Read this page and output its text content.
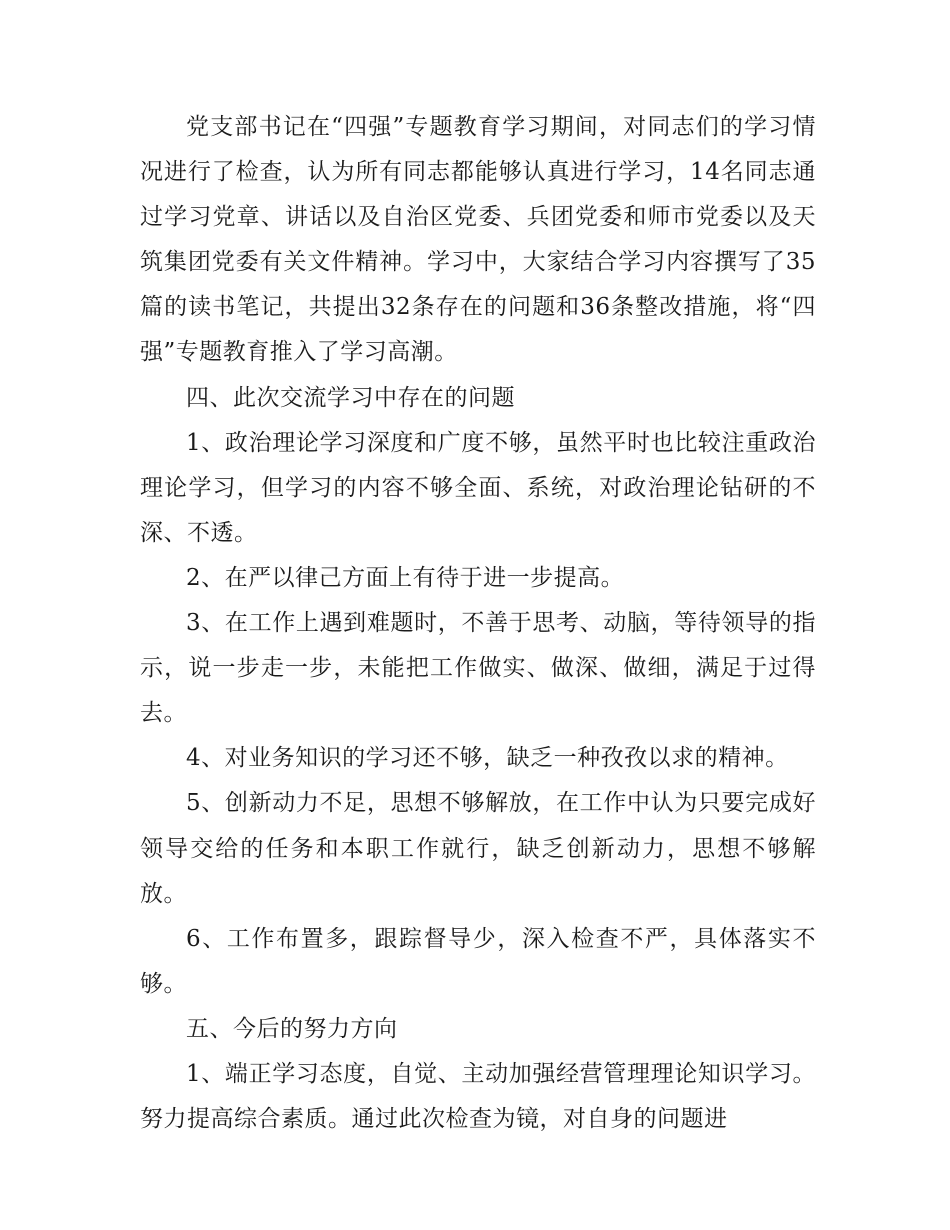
党支部书记在“四强”专题教育学习期间，对同志们的学习情况进行了检查，认为所有同志都能够认真进行学习，14名同志通过学习党章、讲话以及自治区党委、兵团党委和师市党委以及天筑集团党委有关文件精神。学习中，大家结合学习内容撰写了35篇的读书笔记，共提出32条存在的问题和36条整改措施，将“四强”专题教育推入了学习高潮。

四、此次交流学习中存在的问题

1、政治理论学习深度和广度不够，虽然平时也比较注重政治理论学习，但学习的内容不够全面、系统，对政治理论钻研的不深、不透。

2、在严以律己方面上有待于进一步提高。

3、在工作上遇到难题时，不善于思考、动脑，等待领导的指示，说一步走一步，未能把工作做实、做深、做细，满足于过得去。

4、对业务知识的学习还不够，缺乏一种孜孜以求的精神。

5、创新动力不足，思想不够解放，在工作中认为只要完成好领导交给的任务和本职工作就行，缺乏创新动力，思想不够解放。

6、工作布置多，跟踪督导少，深入检查不严，具体落实不够。

五、今后的努力方向

1、端正学习态度，自觉、主动加强经营管理理论知识学习。努力提高综合素质。通过此次检查为镜，对自身的问题进
